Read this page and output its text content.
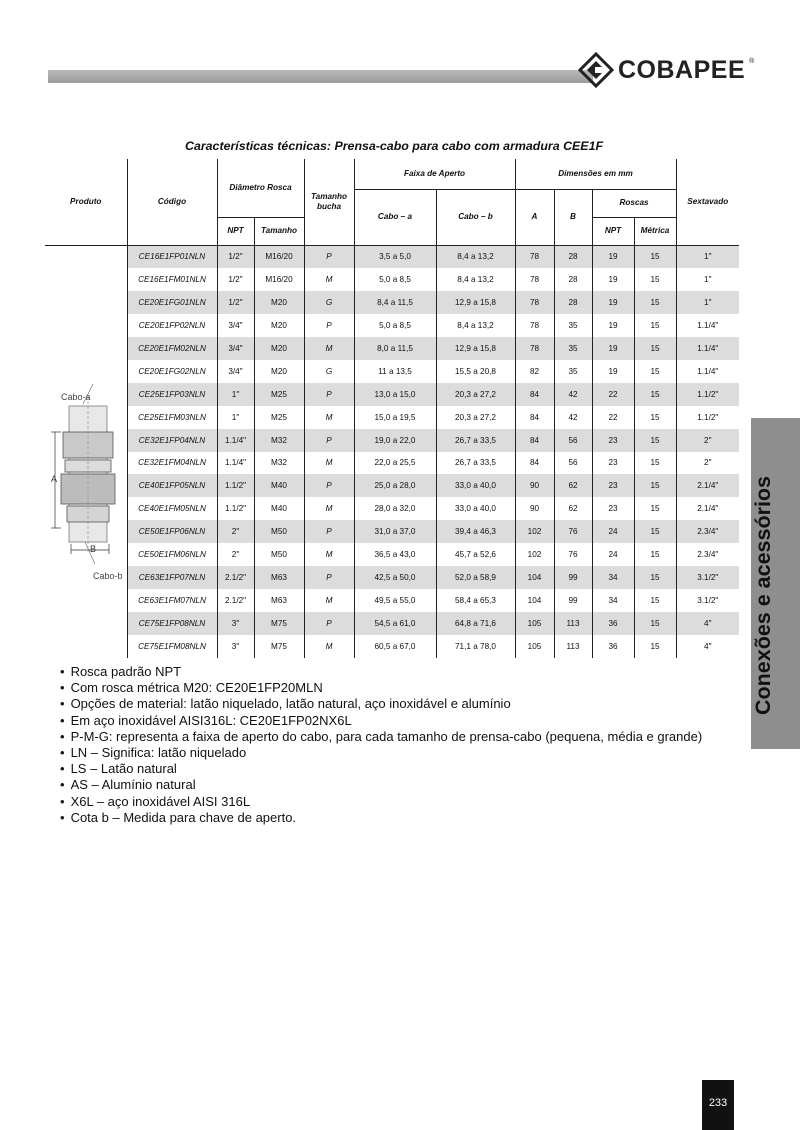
COBAPEE ®
Características técnicas: Prensa-cabo para cabo com armadura CEE1F
Produto	Código	Diâmetro Rosca		Tamanho bucha	Faixa de Aperto		Dimensões em mm				Sextavado
					Cabo – a	Cabo – b	A	B	Roscas		
		NPT	Tamanho						NPT	Métrica	

Cabo-a
A
B
Cabo-b	CE16E1FP01NLN	1/2"	M16/20	P	3,5 a 5,0	8,4 a 13,2	78	28	19	15	1"
	CE16E1FM01NLN	1/2"	M16/20	M	5,0 a 8,5	8,4 a 13,2	78	28	19	15	1"
	CE20E1FG01NLN	1/2"	M20	G	8,4 a 11,5	12,9 a 15,8	78	28	19	15	1"
	CE20E1FP02NLN	3/4"	M20	P	5,0 a 8,5	8,4 a 13,2	78	35	19	15	1.1/4"
	CE20E1FM02NLN	3/4"	M20	M	8,0 a 11,5	12,9 a 15,8	78	35	19	15	1.1/4"
	CE20E1FG02NLN	3/4"	M20	G	11 a 13,5	15,5 a 20,8	82	35	19	15	1.1/4"
	CE25E1FP03NLN	1"	M25	P	13,0 a 15,0	20,3 a 27,2	84	42	22	15	1.1/2"
	CE25E1FM03NLN	1"	M25	M	15,0 a 19,5	20,3 a 27,2	84	42	22	15	1.1/2"
	CE32E1FP04NLN	1.1/4"	M32	P	19,0 a 22,0	26,7 a 33,5	84	56	23	15	2"
	CE32E1FM04NLN	1.1/4"	M32	M	22,0 a 25,5	26,7 a 33,5	84	56	23	15	2"
	CE40E1FP05NLN	1.1/2"	M40	P	25,0 a 28,0	33,0 a 40,0	90	62	23	15	2.1/4"
	CE40E1FM05NLN	1.1/2"	M40	M	28,0 a 32,0	33,0 a 40,0	90	62	23	15	2.1/4"
	CE50E1FP06NLN	2"	M50	P	31,0 a 37,0	39,4 a 46,3	102	76	24	15	2.3/4"
	CE50E1FM06NLN	2"	M50	M	36,5 a 43,0	45,7 a 52,6	102	76	24	15	2.3/4"
	CE63E1FP07NLN	2.1/2"	M63	P	42,5 a 50,0	52,0 a 58,9	104	99	34	15	3.1/2"
	CE63E1FM07NLN	2.1/2"	M63	M	49,5 a 55,0	58,4 a 65,3	104	99	34	15	3.1/2"
	CE75E1FP08NLN	3"	M75	P	54,5 a 61,0	64,8 a 71,6	105	113	36	15	4"
	CE75E1FM08NLN	3"	M75	M	60,5 a 67,0	71,1 a 78,0	105	113	36	15	4" Conexões e acessórios
• Rosca padrão NPT
• Com rosca métrica M20: CE20E1FP20MLN
• Opções de material: latão niquelado, latão natural, aço inoxidável e alumínio
• Em aço inoxidável AISI316L: CE20E1FP02NX6L
• P-M-G: representa a faixa de aperto do cabo, para cada tamanho de prensa-cabo (pequena, média e grande)
• LN – Significa: latão niquelado
• LS – Latão natural
• AS – Alumínio natural
• X6L – aço inoxidável AISI 316L
• Cota b – Medida para chave de aperto.
233
